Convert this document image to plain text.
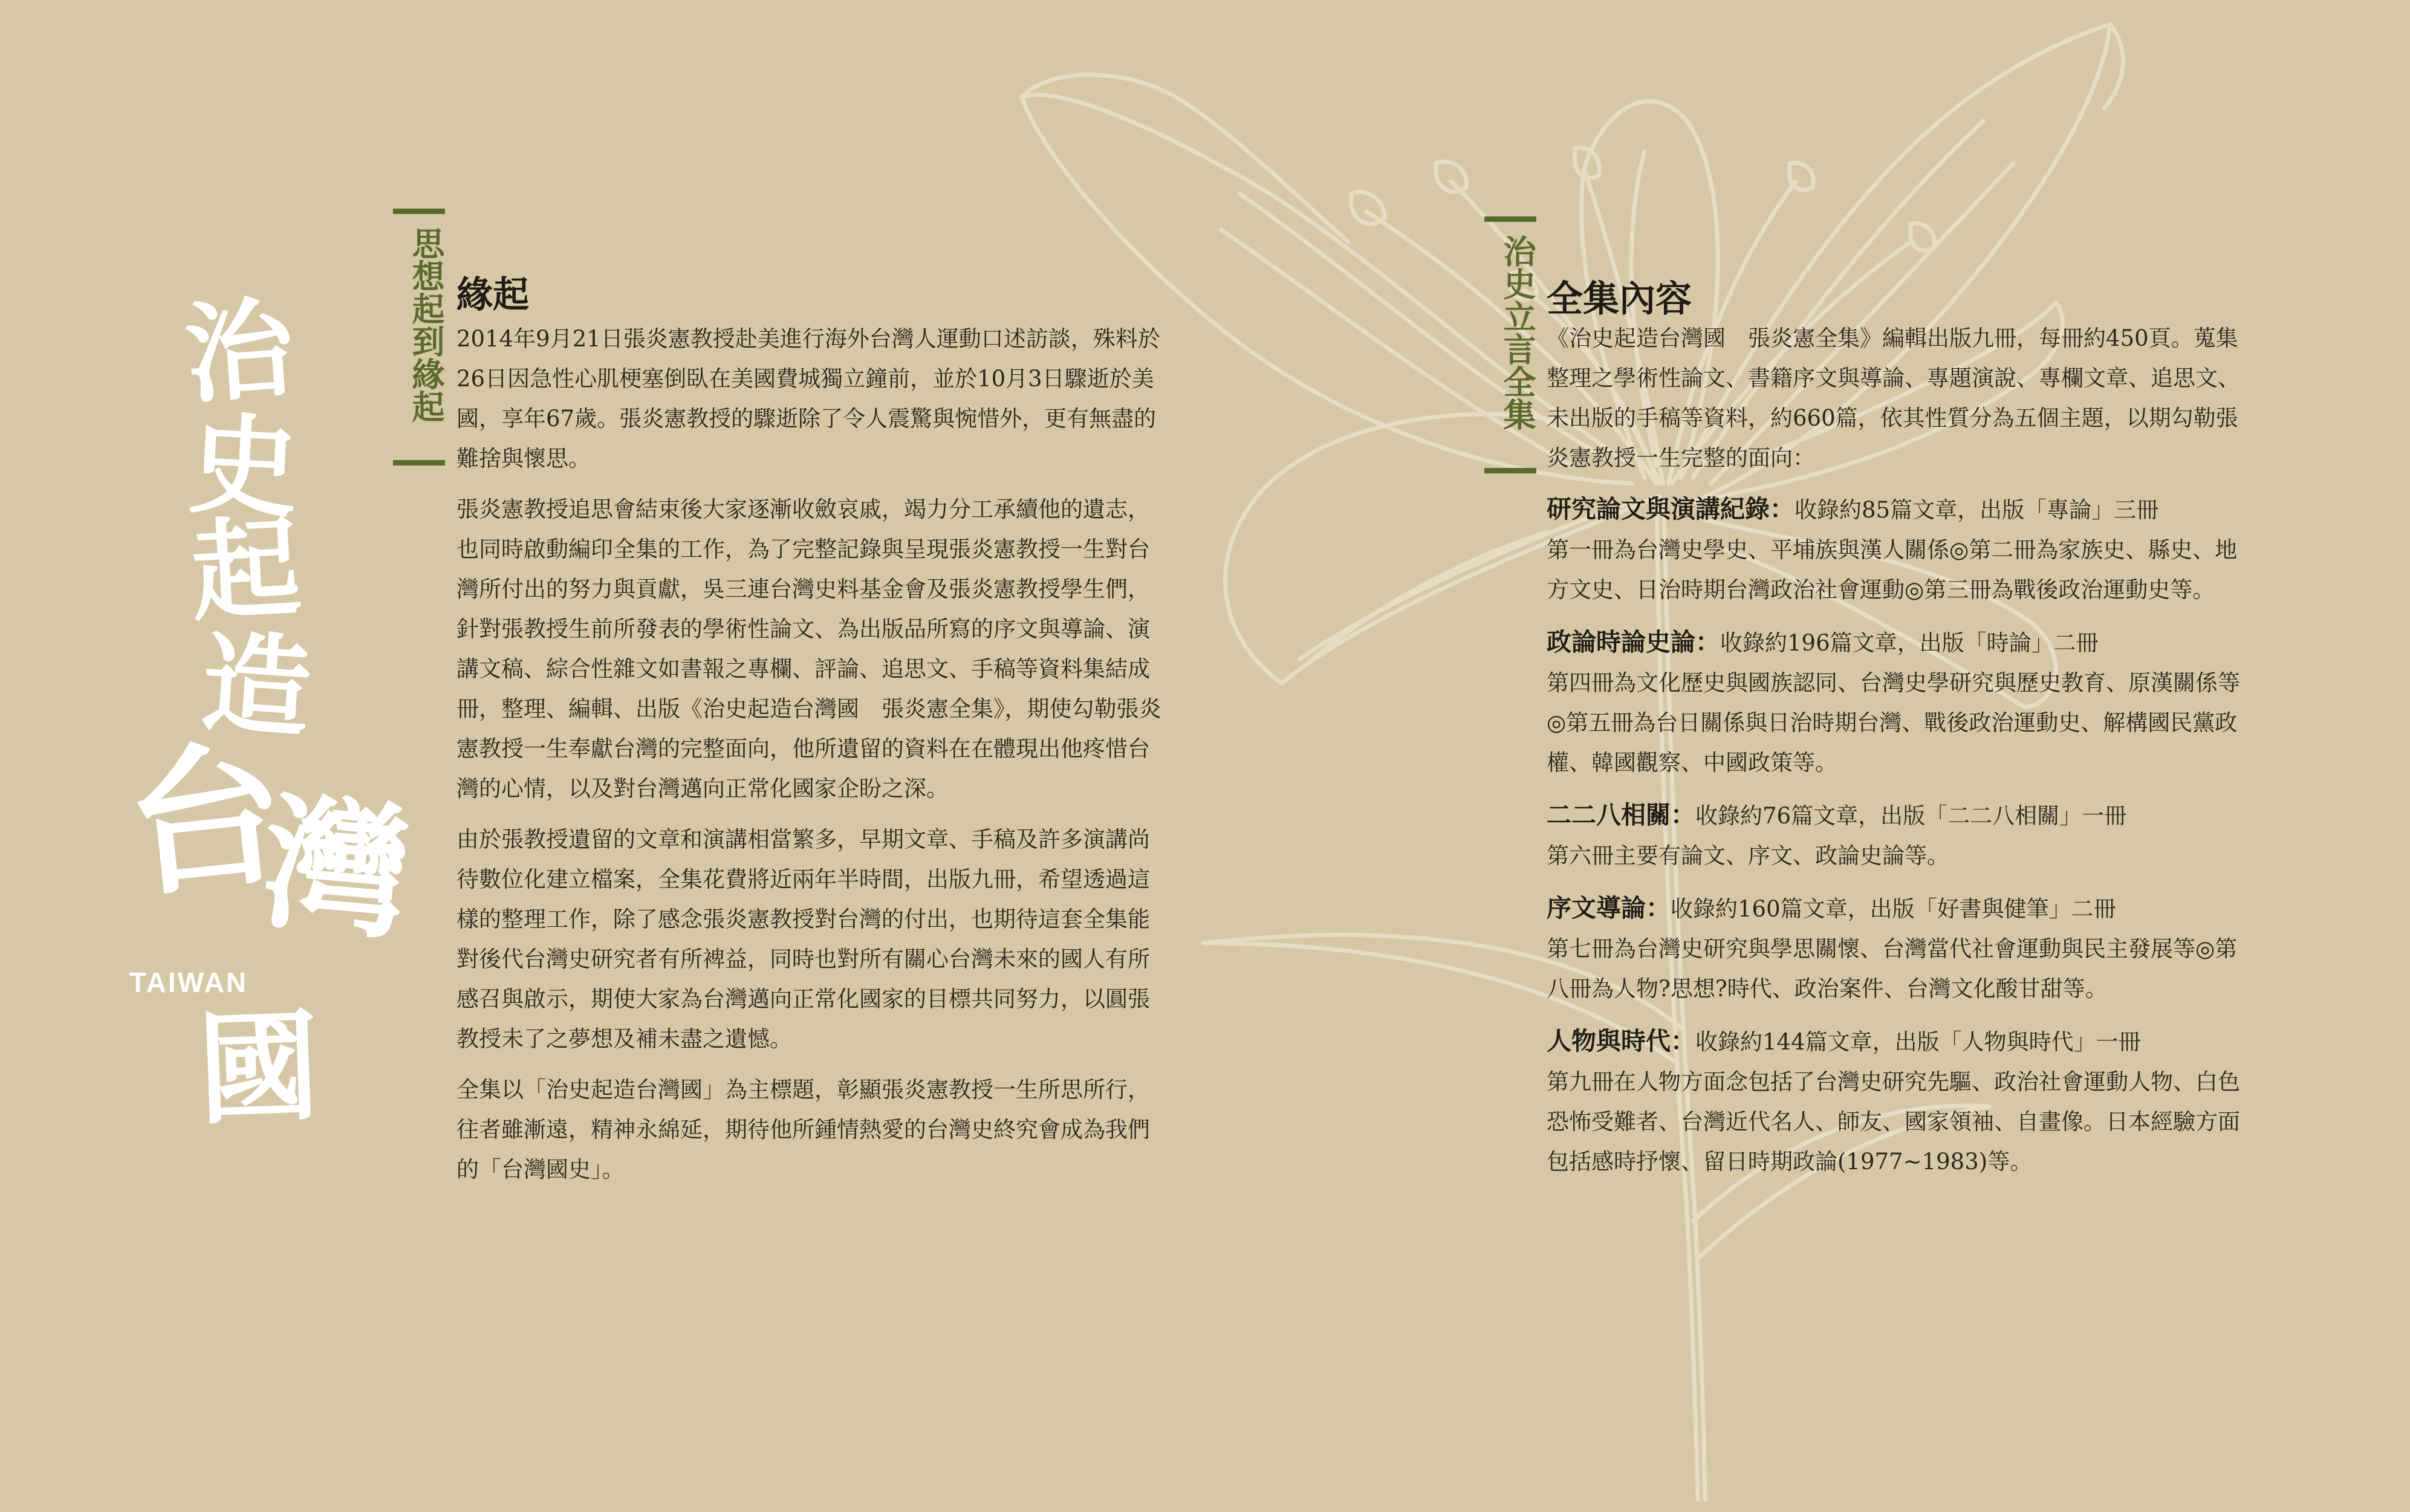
治
史
起
造
台
灣
國
TAIWAN
思想起到緣起 緣起

2014年9月21日張炎憲教授赴美進行海外台灣人運動口述訪談，殊料於26日因急性心肌梗塞倒臥在美國費城獨立鐘前，並於10月3日驟逝於美國，享年67歲。張炎憲教授的驟逝除了令人震驚與惋惜外，更有無盡的難捨與懷思。

張炎憲教授追思會結束後大家逐漸收斂哀戚，竭力分工承續他的遺志，也同時啟動編印全集的工作，為了完整記錄與呈現張炎憲教授一生對台灣所付出的努力與貢獻，吳三連台灣史料基金會及張炎憲教授學生們，針對張教授生前所發表的學術性論文、為出版品所寫的序文與導論、演講文稿、綜合性雜文如書報之專欄、評論、追思文、手稿等資料集結成冊，整理、編輯、出版《治史起造台灣國　張炎憲全集》，期使勾勒張炎憲教授一生奉獻台灣的完整面向，他所遺留的資料在在體現出他疼惜台灣的心情，以及對台灣邁向正常化國家企盼之深。

由於張教授遺留的文章和演講相當繁多，早期文章、手稿及許多演講尚待數位化建立檔案，全集花費將近兩年半時間，出版九冊，希望透過這樣的整理工作，除了感念張炎憲教授對台灣的付出，也期待這套全集能對後代台灣史研究者有所裨益，同時也對所有關心台灣未來的國人有所感召與啟示，期使大家為台灣邁向正常化國家的目標共同努力，以圓張教授未了之夢想及補未盡之遺憾。

全集以「治史起造台灣國」為主標題，彰顯張炎憲教授一生所思所行，往者雖漸遠，精神永綿延，期待他所鍾情熱愛的台灣史終究會成為我們的「台灣國史」。

治史立言全集 全集內容

《治史起造台灣國　張炎憲全集》編輯出版九冊，每冊約450頁。蒐集整理之學術性論文、書籍序文與導論、專題演說、專欄文章、追思文、未出版的手稿等資料，約660篇，依其性質分為五個主題，以期勾勒張炎憲教授一生完整的面向：

研究論文與演講紀錄：收錄約85篇文章，出版「專論」三冊
第一冊為台灣史學史、平埔族與漢人關係◎第二冊為家族史、縣史、地方文史、日治時期台灣政治社會運動◎第三冊為戰後政治運動史等。
政論時論史論：收錄約196篇文章，出版「時論」二冊
第四冊為文化歷史與國族認同、台灣史學研究與歷史教育、原漢關係等◎第五冊為台日關係與日治時期台灣、戰後政治運動史、解構國民黨政權、韓國觀察、中國政策等。
二二八相關：收錄約76篇文章，出版「二二八相關」一冊
第六冊主要有論文、序文、政論史論等。
序文導論：收錄約160篇文章，出版「好書與健筆」二冊
第七冊為台灣史研究與學思關懷、台灣當代社會運動與民主發展等◎第八冊為人物?思想?時代、政治案件、台灣文化酸甘甜等。
人物與時代：收錄約144篇文章，出版「人物與時代」一冊
第九冊在人物方面念包括了台灣史研究先驅、政治社會運動人物、白色恐怖受難者、台灣近代名人、師友、國家領袖、自畫像。日本經驗方面包括感時抒懷、留日時期政論(1977~1983)等。
